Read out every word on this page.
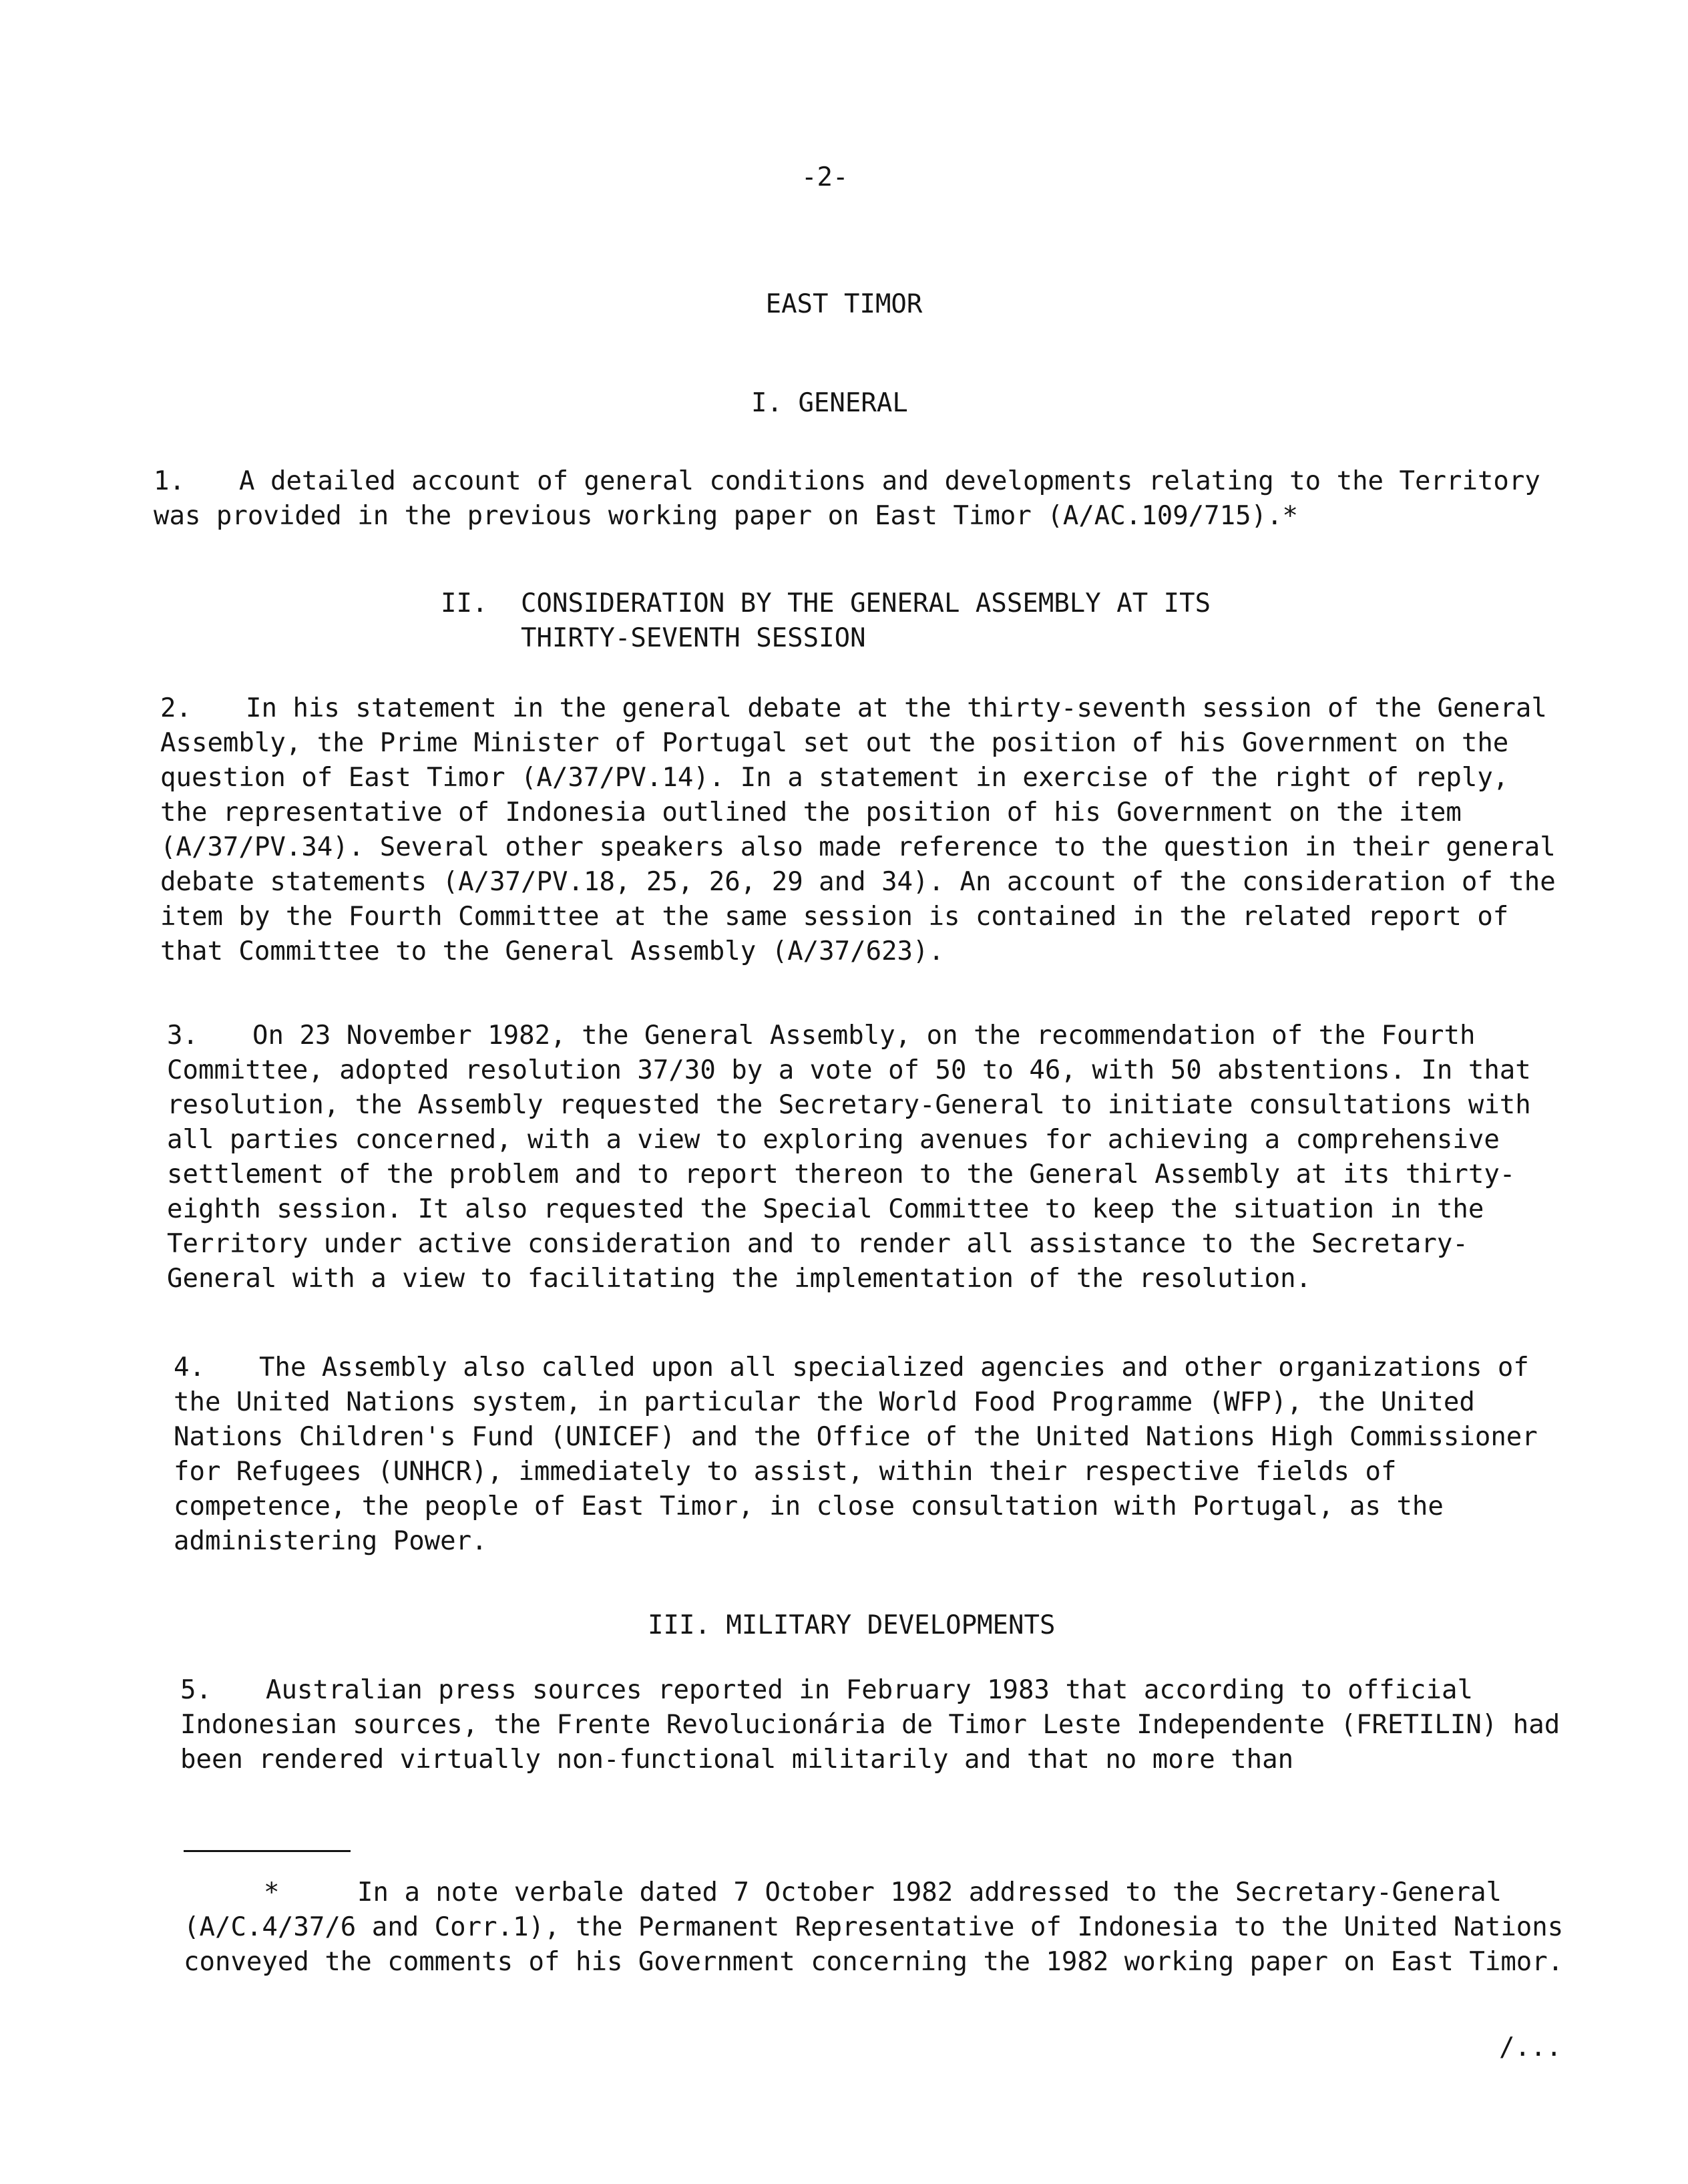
-2-
EAST TIMOR
I. GENERAL
1. A detailed account of general conditions and developments relating to the Territory was provided in the previous working paper on East Timor (A/AC.109/715).*
II. CONSIDERATION BY THE GENERAL ASSEMBLY AT ITS
THIRTY-SEVENTH SESSION
2. In his statement in the general debate at the thirty-seventh session of the General Assembly, the Prime Minister of Portugal set out the position of his Government on the question of East Timor (A/37/PV.14). In a statement in exercise of the right of reply, the representative of Indonesia outlined the position of his Government on the item (A/37/PV.34). Several other speakers also made reference to the question in their general debate statements (A/37/PV.18, 25, 26, 29 and 34). An account of the consideration of the item by the Fourth Committee at the same session is contained in the related report of that Committee to the General Assembly (A/37/623).
3. On 23 November 1982, the General Assembly, on the recommendation of the Fourth Committee, adopted resolution 37/30 by a vote of 50 to 46, with 50 abstentions. In that resolution, the Assembly requested the Secretary-General to initiate consultations with all parties concerned, with a view to exploring avenues for achieving a comprehensive settlement of the problem and to report thereon to the General Assembly at its thirty-eighth session. It also requested the Special Committee to keep the situation in the Territory under active consideration and to render all assistance to the Secretary-General with a view to facilitating the implementation of the resolution.
4. The Assembly also called upon all specialized agencies and other organizations of the United Nations system, in particular the World Food Programme (WFP), the United Nations Children's Fund (UNICEF) and the Office of the United Nations High Commissioner for Refugees (UNHCR), immediately to assist, within their respective fields of competence, the people of East Timor, in close consultation with Portugal, as the administering Power.
III. MILITARY DEVELOPMENTS
5. Australian press sources reported in February 1983 that according to official Indonesian sources, the Frente Revolucionária de Timor Leste Independente (FRETILIN) had been rendered virtually non-functional militarily and that no more than
*	In a note verbale dated 7 October 1982 addressed to the Secretary-General (A/C.4/37/6 and Corr.1), the Permanent Representative of Indonesia to the United Nations conveyed the comments of his Government concerning the 1982 working paper on East Timor.
/...
